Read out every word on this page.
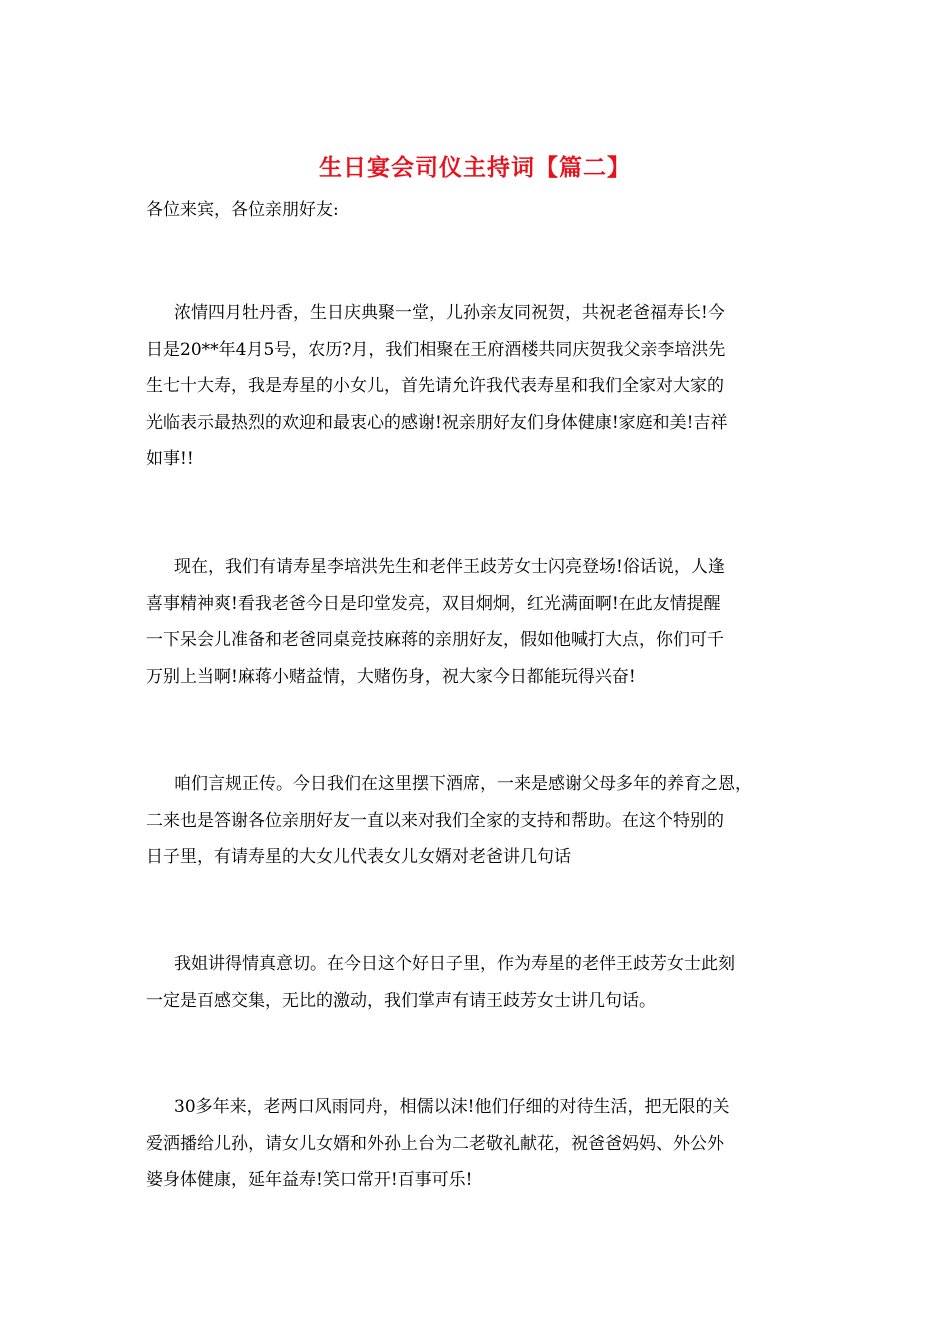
生日宴会司仪主持词【篇二】
各位来宾，各位亲朋好友:
浓情四月牡丹香，生日庆典聚一堂，儿孙亲友同祝贺，共祝老爸福寿长!今
日是20**年4月5号，农历?月，我们相聚在王府酒楼共同庆贺我父亲李培洪先
生七十大寿，我是寿星的小女儿，首先请允许我代表寿星和我们全家对大家的
光临表示最热烈的欢迎和最衷心的感谢!祝亲朋好友们身体健康!家庭和美!吉祥
如事!!
现在，我们有请寿星李培洪先生和老伴王歧芳女士闪亮登场!俗话说，人逢
喜事精神爽!看我老爸今日是印堂发亮，双目炯炯，红光满面啊!在此友情提醒
一下呆会儿准备和老爸同桌竞技麻蒋的亲朋好友，假如他喊打大点，你们可千
万别上当啊!麻蒋小赌益情，大赌伤身，祝大家今日都能玩得兴奋!
咱们言规正传。今日我们在这里摆下酒席，一来是感谢父母多年的养育之恩，
二来也是答谢各位亲朋好友一直以来对我们全家的支持和帮助。在这个特别的
日子里，有请寿星的大女儿代表女儿女婿对老爸讲几句话
我姐讲得情真意切。在今日这个好日子里，作为寿星的老伴王歧芳女士此刻
一定是百感交集，无比的激动，我们掌声有请王歧芳女士讲几句话。
30多年来，老两口风雨同舟，相儒以沫!他们仔细的对待生活，把无限的关
爱洒播给儿孙，请女儿女婿和外孙上台为二老敬礼献花，祝爸爸妈妈、外公外
婆身体健康，延年益寿!笑口常开!百事可乐!
